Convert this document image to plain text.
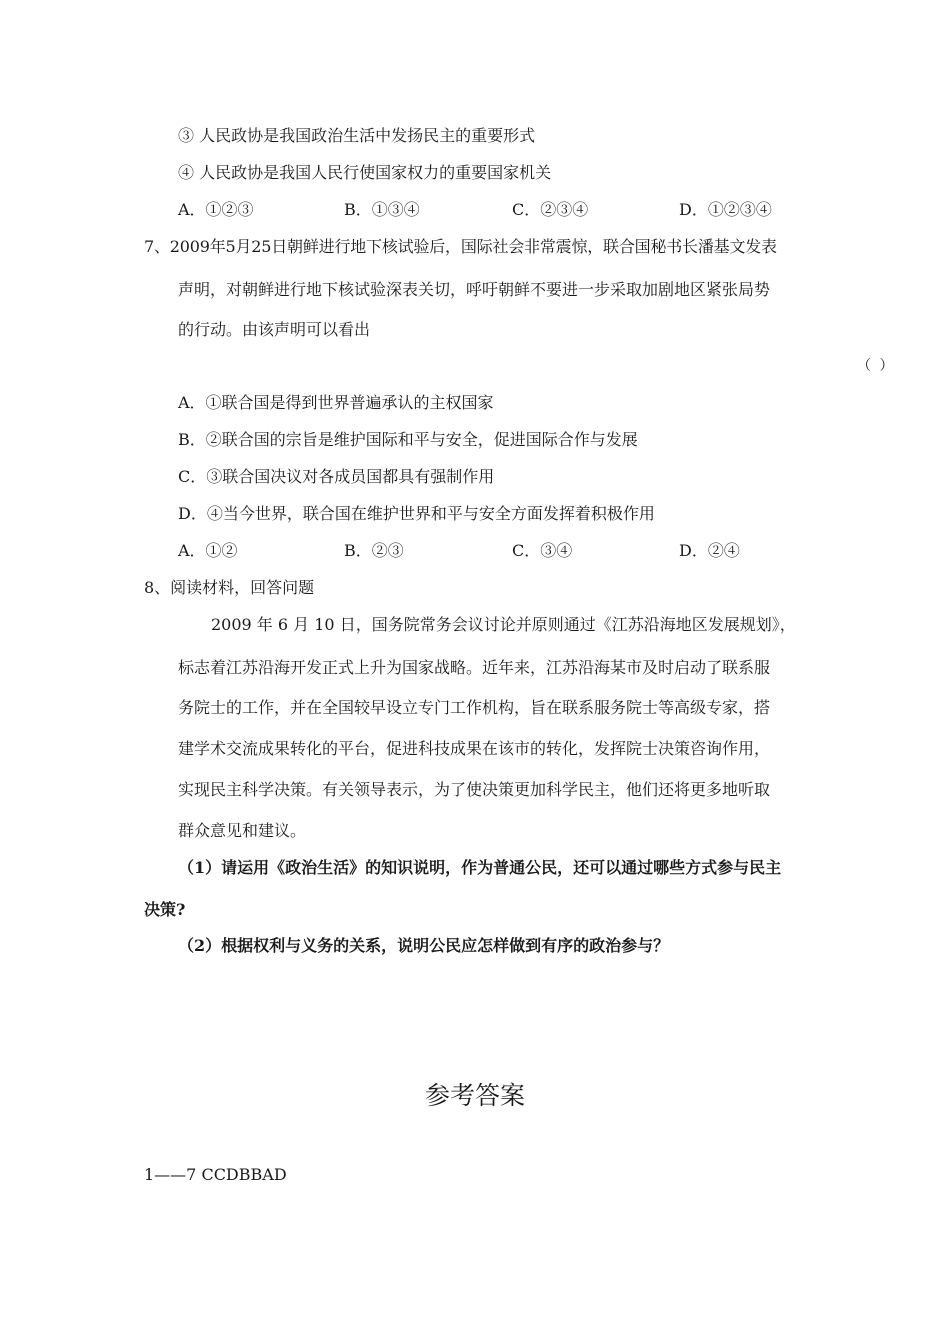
③ 人民政协是我国政治生活中发扬民主的重要形式
④ 人民政协是我国人民行使国家权力的重要国家机关
A．①②③	B．①③④	C．②③④	D．①②③④
7、2009年5月25日朝鲜进行地下核试验后，国际社会非常震惊，联合国秘书长潘基文发表
声明，对朝鲜进行地下核试验深表关切，呼吁朝鲜不要进一步采取加剧地区紧张局势
的行动。由该声明可以看出
（ ）
A．①联合国是得到世界普遍承认的主权国家
B．②联合国的宗旨是维护国际和平与安全，促进国际合作与发展
C．③联合国决议对各成员国都具有强制作用
D．④当今世界，联合国在维护世界和平与安全方面发挥着积极作用
A．①②	B．②③	C．③④	D．②④
8、阅读材料，回答问题
2009 年 6 月 10 日，国务院常务会议讨论并原则通过《江苏沿海地区发展规划》，
标志着江苏沿海开发正式上升为国家战略。近年来，江苏沿海某市及时启动了联系服
务院士的工作，并在全国较早设立专门工作机构，旨在联系服务院士等高级专家，搭
建学术交流成果转化的平台，促进科技成果在该市的转化，发挥院士决策咨询作用，
实现民主科学决策。有关领导表示，为了使决策更加科学民主，他们还将更多地听取
群众意见和建议。
（1）请运用《政治生活》的知识说明，作为普通公民，还可以通过哪些方式参与民主
决策?
（2）根据权利与义务的关系，说明公民应怎样做到有序的政治参与？
参考答案
1——7 CCDBBAD
